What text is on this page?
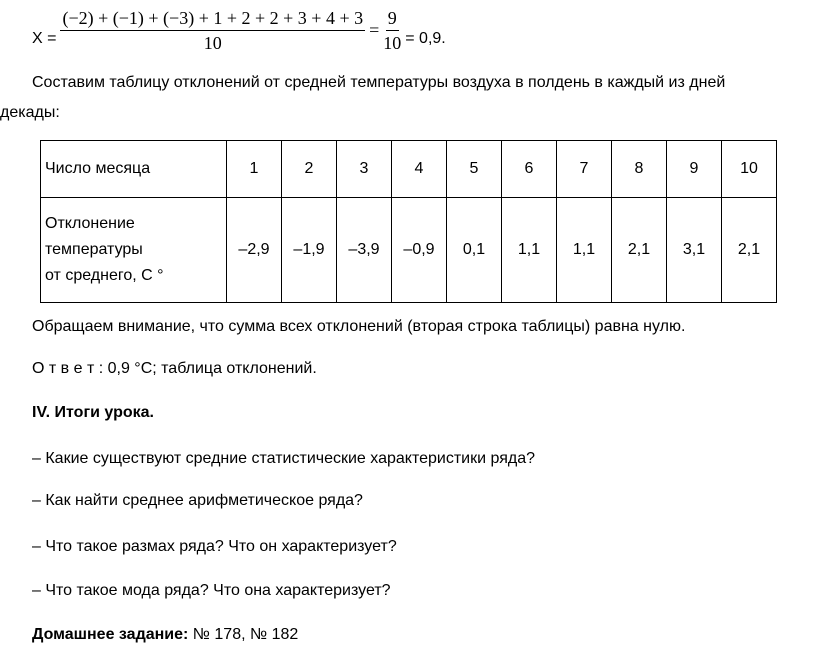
$X = \frac{(-2) + (-1) + (-3) + 1 + 2 + 2 + 3 + 4 + 3}{10} = \frac{9}{10} = 0,9$.
Составим таблицу отклонений от средней температуры воздуха в полдень в каждый из дней
декады:
Число месяца	1	2	3	4	5	6	7	8	9	10

Отклонение
температуры
от среднего, С °	–2,9	–1,9	–3,9	–0,9	0,1	1,1	1,1	2,1	3,1	2,1
Обращаем внимание, что сумма всех отклонений (вторая строка таблицы) равна нулю.
О т в е т : 0,9 °С; таблица отклонений.
IV. Итоги урока.
– Какие существуют средние статистические характеристики ряда?
– Как найти среднее арифметическое ряда?
– Что такое размах ряда? Что он характеризует?
– Что такое мода ряда? Что она характеризует?
Домашнее задание: № 178, № 182
